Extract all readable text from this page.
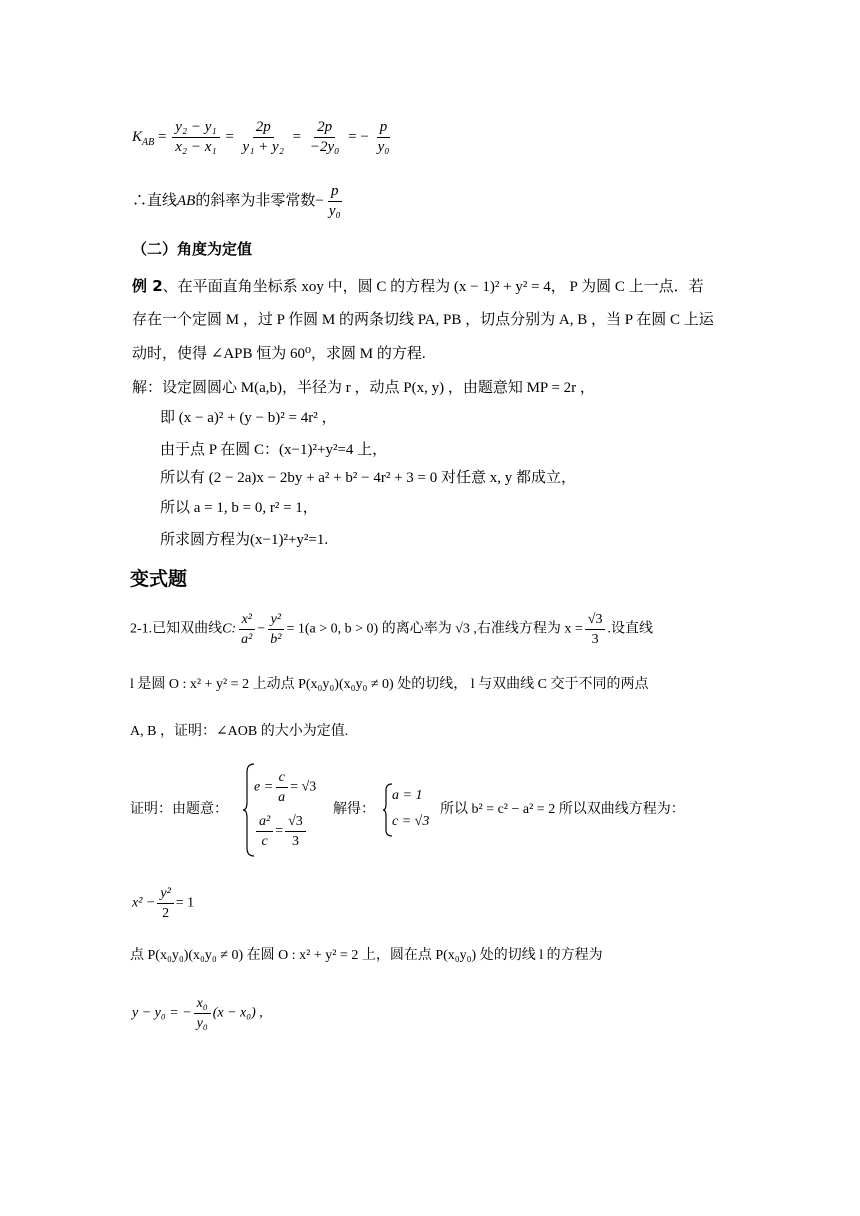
$K_{AB} = \frac{\text{y₂ − y₁}}{\text{x₂ − x₁}} = \frac{2p}{\text{y₁ + y₂}} = \frac{2p}{\text{−2y₀}}$ = − $\frac{p}{\text{y₀}}$
∴直线AB的斜率为非零常数− $\frac{p}{\text{y₀}}$
（二）角度为定值
例 2、在平面直角坐标系 xoy 中，圆 C 的方程为 (x − 1)² + y² = 4， P 为圆 C 上一点．若
存在一个定圆 M ，过 P 作圆 M 的两条切线 PA, PB ，切点分别为 A, B ，当 P 在圆 C 上运
动时，使得 ∠APB 恒为 60⁰，求圆 M 的方程.
解：设定圆圆心 M(a,b)，半径为 r ，动点 P(x, y) ，由题意知 MP = 2r ，
即 (x − a)² + (y − b)² = 4r² ，
由于点 P 在圆 C：(x−1)²+y²=4 上，
所以有 (2 − 2a)x − 2by + a² + b² − 4r² + 3 = 0 对任意 x, y 都成立，
所以 a = 1, b = 0, r² = 1，
所求圆方程为(x−1)²+y²=1.
变式题
2-1.已知双曲线C: $\frac{\text{x²}}{\text{a²}} - \frac{\text{y²}}{\text{b²}} = 1(a > 0$, b > 0) 的离心率为 √3 ,右准线方程为 $x = \frac{√3}{3}$ .设直线
l 是圆 O : x² + y² = 2 上动点 P(x₀y₀)(x₀y₀ ≠ 0) 处的切线， l 与双曲线 C 交于不同的两点
A, B ，证明：∠AOB 的大小为定值.
证明：由题意：
$e = \frac{c}{a} = √3$
$\frac{\text{a²}}{c} = \frac{√3}{3}$
解得：
a = 1
c = √3
所以 b² = c² − a² = 2 所以双曲线方程为：
$x^2 - \frac{\text{y²}}{2} = 1$
点 P(x₀y₀)(x₀y₀ ≠ 0) 在圆 O : x² + y² = 2 上，圆在点 P(x₀y₀) 处的切线 l 的方程为
y − y₀ = − $\frac{\text{x₀}}{\text{y₀}} (x - x_0)$ ,
